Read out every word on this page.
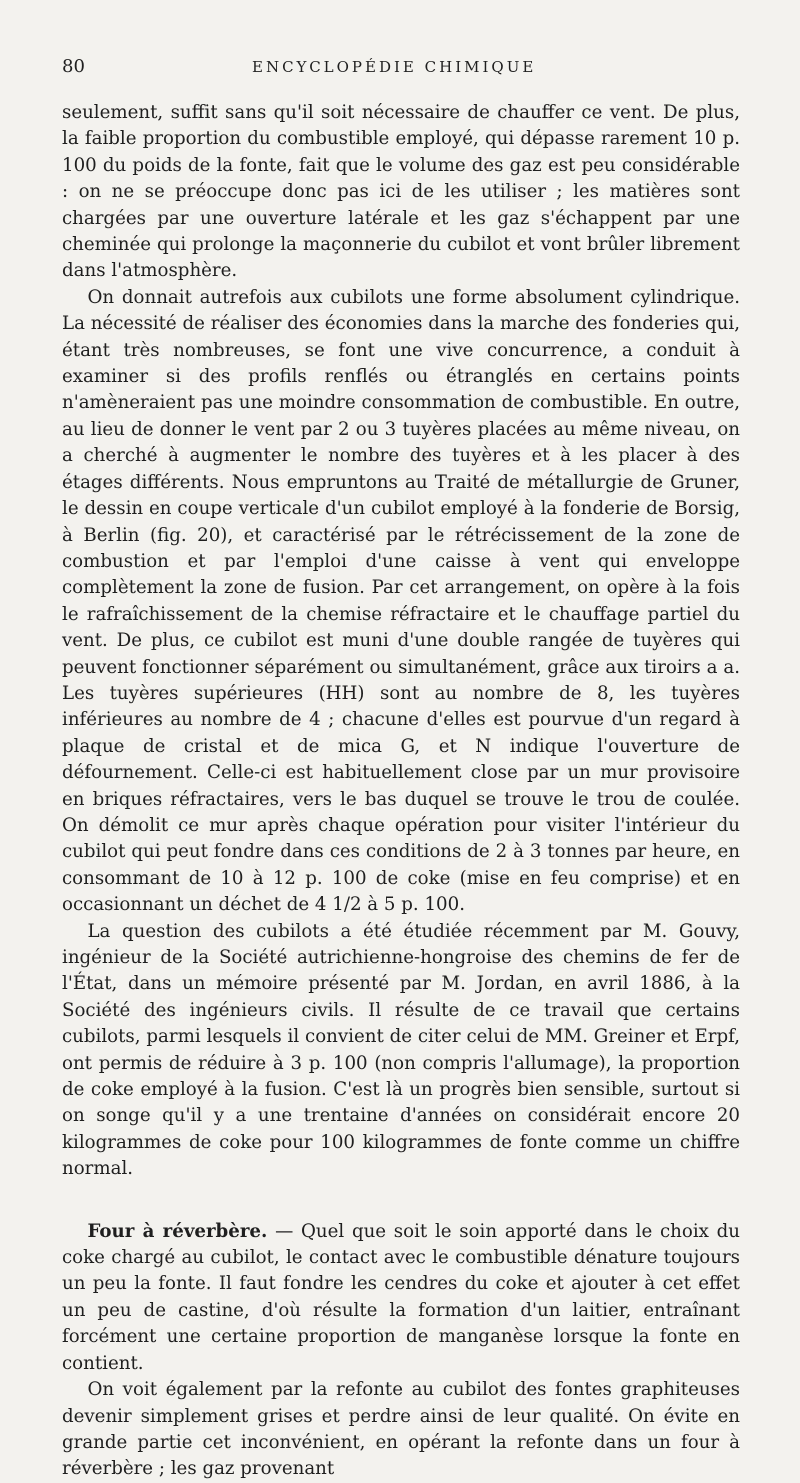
80	ENCYCLOPÉDIE CHIMIQUE

seulement, suffit sans qu'il soit nécessaire de chauffer ce vent. De plus, la faible proportion du combustible employé, qui dépasse rarement 10 p. 100 du poids de la fonte, fait que le volume des gaz est peu considérable : on ne se préoccupe donc pas ici de les utiliser ; les matières sont chargées par une ouverture latérale et les gaz s'échappent par une cheminée qui prolonge la maçonnerie du cubilot et vont brûler librement dans l'atmosphère.

On donnait autrefois aux cubilots une forme absolument cylindrique. La nécessité de réaliser des économies dans la marche des fonderies qui, étant très nombreuses, se font une vive concurrence, a conduit à examiner si des profils renflés ou étranglés en certains points n'amèneraient pas une moindre consommation de combustible. En outre, au lieu de donner le vent par 2 ou 3 tuyères placées au même niveau, on a cherché à augmenter le nombre des tuyères et à les placer à des étages différents. Nous empruntons au Traité de métallurgie de Gruner, le dessin en coupe verticale d'un cubilot employé à la fonderie de Borsig, à Berlin (fig. 20), et caractérisé par le rétrécissement de la zone de combustion et par l'emploi d'une caisse à vent qui enveloppe complètement la zone de fusion. Par cet arrangement, on opère à la fois le rafraîchissement de la chemise réfractaire et le chauffage partiel du vent. De plus, ce cubilot est muni d'une double rangée de tuyères qui peuvent fonctionner séparément ou simultanément, grâce aux tiroirs a a. Les tuyères supérieures (HH) sont au nombre de 8, les tuyères inférieures au nombre de 4 ; chacune d'elles est pourvue d'un regard à plaque de cristal et de mica G, et N indique l'ouverture de défournement. Celle-ci est habituellement close par un mur provisoire en briques réfractaires, vers le bas duquel se trouve le trou de coulée. On démolit ce mur après chaque opération pour visiter l'intérieur du cubilot qui peut fondre dans ces conditions de 2 à 3 tonnes par heure, en consommant de 10 à 12 p. 100 de coke (mise en feu comprise) et en occasionnant un déchet de 4 1/2 à 5 p. 100.

La question des cubilots a été étudiée récemment par M. Gouvy, ingénieur de la Société autrichienne-hongroise des chemins de fer de l'État, dans un mémoire présenté par M. Jordan, en avril 1886, à la Société des ingénieurs civils. Il résulte de ce travail que certains cubilots, parmi lesquels il convient de citer celui de MM. Greiner et Erpf, ont permis de réduire à 3 p. 100 (non compris l'allumage), la proportion de coke employé à la fusion. C'est là un progrès bien sensible, surtout si on songe qu'il y a une trentaine d'années on considérait encore 20 kilogrammes de coke pour 100 kilogrammes de fonte comme un chiffre normal.

Four à réverbère. — Quel que soit le soin apporté dans le choix du coke chargé au cubilot, le contact avec le combustible dénature toujours un peu la fonte. Il faut fondre les cendres du coke et ajouter à cet effet un peu de castine, d'où résulte la formation d'un laitier, entraînant forcément une certaine proportion de manganèse lorsque la fonte en contient.

On voit également par la refonte au cubilot des fontes graphiteuses devenir simplement grises et perdre ainsi de leur qualité. On évite en grande partie cet inconvénient, en opérant la refonte dans un four à réverbère ; les gaz provenant
